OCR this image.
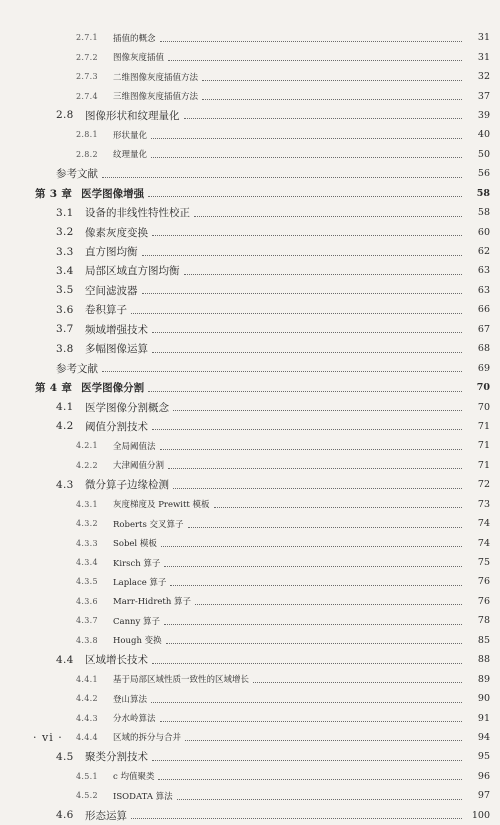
2.7.1	插值的概念	31
2.7.2	图像灰度插值	31
2.7.3	二维图像灰度插值方法	32
2.7.4	三维图像灰度插值方法	37
2.8	图像形状和纹理量化	39
2.8.1	形状量化	40
2.8.2	纹理量化	50
参考文献	56
第 3 章 医学图像增强	58
3.1	设备的非线性特性校正	58
3.2	像素灰度变换	60
3.3	直方图均衡	62
3.4	局部区域直方图均衡	63
3.5	空间滤波器	63
3.6	卷积算子	66
3.7	频域增强技术	67
3.8	多幅图像运算	68
参考文献	69
第 4 章 医学图像分割	70
4.1	医学图像分割概念	70
4.2	阈值分割技术	71
4.2.1	全局阈值法	71
4.2.2	大津阈值分割	71
4.3	微分算子边缘检测	72
4.3.1	灰度梯度及 Prewitt 模板	73
4.3.2	Roberts 交叉算子	74
4.3.3	Sobel 模板	74
4.3.4	Kirsch 算子	75
4.3.5	Laplace 算子	76
4.3.6	Marr-Hidreth 算子	76
4.3.7	Canny 算子	78
4.3.8	Hough 变换	85
4.4	区域增长技术	88
4.4.1	基于局部区域性质一致性的区域增长	89
4.4.2	登山算法	90
4.4.3	分水岭算法	91
4.4.4	区域的拆分与合并	94
4.5	聚类分割技术	95
4.5.1	c 均值聚类	96
4.5.2	ISODATA 算法	97
4.6	形态运算	100
· vi ·
